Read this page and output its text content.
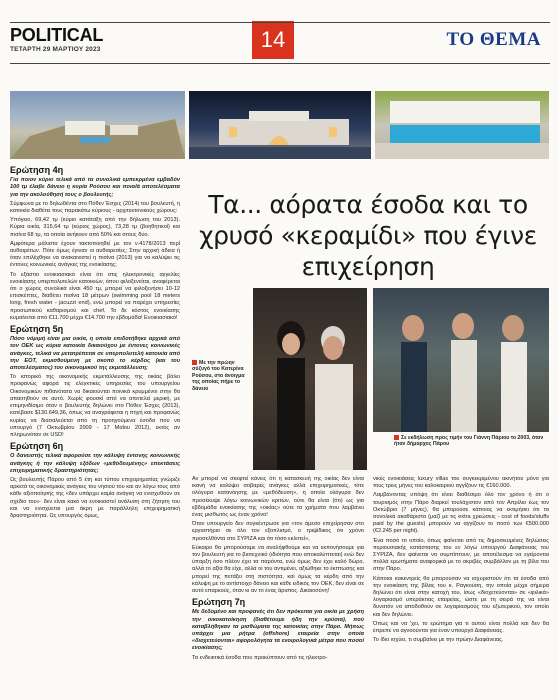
POLITICAL
ΤΕΤΑΡΤΗ 29 ΜΑΡΤΙΟΥ 2023	14	ΤΟ ΘΕΜΑ
Τα... αόρατα έσοδα και το χρυσό «κεραμίδι» που έγινε επιχείρηση
Ερώτηση 4η

Για ποιον κύριο τελικά από τα συνολικά εμπεκρμένα εμβαδόν 100 τμ έλαβε δάνειο η κυρία Ρούσου και ποια/ά αποτελέσματα για την ακολούθησή τους ο βουλευτής;

Σύμφωνα με το δηλωθέντα στο Πόθεν Έσχες (2014) του βουλευτή, η κατοικία διαθέτει τους παρακάτω κύριους - αρχιτεκτονικούς χώρους:

Υπόγειο, 69,42 τμ (κύριο κατάταξη από την δήλωση του 2013). Κύρια οικία, 315,64 τμ (κύριος χώρος), 73,28 τμ (βοηθητικοί) και πισίνα 68 τμ, τα οποία ανήκουν από 50% και στους δύο.

Αμφότερα μάλιστα έχουν τακτοποιηθεί με τον ν.4178/2013 περί αυθαιρέτων. Πότε όμως έγιναν οι αυθαιρεσίες; Στην αρχική άδεια ή όταν επιλέχθηκε να ανακαινιστεί η πισίνα (2013) για να καλύψει τις έντονες κοινωνικές ανάγκες της ενοικίασης;

Το εξάστιο ενοικιασιακό είναι ότι στις ηλεκτρονικές αγγελίες ενοικίασης υπερπολυτελών κατοικιών, όπου φιλοξενείται, αναφέρεται ότι ο χώρος συνολικά είναι 450 τμ, μπορεί να φιλοξενήσει 10-12 επισκέπτες, διαθέτει πισίνα 18 μέτρων (swimming pool 18 meters long, fresh water - jacuzzi end), ενώ μπορεί να παρέχει υπηρεσίες προσωπικού καθαρισμού και chef. Το δε κόστος ενοικίασης κυμαίνεται από €11.700 μέχρι €14.700 την εβδομάδα! Ενοικιασιακό!

Ερώτηση 5η

Πόσο νόμιμή είναι μια οικία, η οποία επιδοτήθηκε αρχικά από τον ΟΕΚ ως κύρια κατοικία δικαιούχου με έντονες κοινωνικές ανάγκες, τελικά να μετατρέπεται σε υπερπολυτελή κατοικία από την ΕΟΤ, εκμισθούμενη με σκοπό το κέρδος (και του αποτελέσματος) του οικονομικού της εκμετάλλευση;

Το ιστορικό της οικονομικής εκμετάλλευσης της οικίας βάλει προφανώς αφορά τις ελεγκτικές υπηρεσίες του υπουργείου Οικονομικών πιθανότατα να δικαιούνται ποινικά κρυμμένοι στην θα απαιτηθούν σε αυτό. Χωρίς φουσκί από να αποτελεί μερική, με επιμηνιδίσιμο όταν ο βουλευτής δηλώνει στο Πόθεν Έσχες (2013), κατέβασε $130.649,36, όπως να αναγράφεται η πηγή και προφανώς κυρίας να διασαλεύεται από τη προηγούμενα έσοδα που να υπουργό (7 Οκτωβρίου 2009 - 17 Μαΐου 2012), εκτός αν πληρωνόταν σε USD!

Ερώτηση 6η

Ο δανειστής τελικά αφορούσε την κάλυψη έντονης κοινωνικής ανάγκης ή την κάλυψη εξόδων «μεθόδευμένης» επεκτάσεις επιχειρηματικής δραστηριότητας;

Ως βουλευτής Πάρου από 5 έτη και τύπου επιχειρηματίας γνώριζε αρκετά τις οικονομικές ανάγκες του νησιού του και αν λόγω τους από κάθε αξιοποίησής της «δεν υπάρχει καμία ανάγκη να ενισχυθούν σε σχέδιο του»· δεν είναι κακό να ενοικιαστεί ανάλυση στη ζήτηση του και να ενισχύεται μια άκρη με παράλληλη επιχειρηματική δραστηριότητα. Ως υπουργός όμως,

Με την πρώην σύζυγό του Κατερίνα Ρούσου, στο άνοιγμα της οποίας πήρε το δάνειο
Σε εκδήλωση προς τιμήν του Γιάννη Πάριου το 2003, όταν ήταν δήμαρχος Πάρου

Αν μπορεί να σκεφτεί κάνεις ότι η κατασκευή της οικίας δεν είναι ικανή να καλύψει σοβαρές ανάγκες αλλά επιχειρηματικές, τότε ολόγυρα κατανόησης με «μεθόδευση», η οποία ολόγυρα δεν προσέκυψε λόγω κοινωνικών κριτών, ούτε θα είναι (ότι) ως για εβδομάδα ενοικίασης της «οικίας» ούτε τα χρήματα που λαμβάνει ένας μισθωτός ως έναν χρόνο!

Όταν υπουργείο δεν συγκέντρωσε για «τον άμεσο επιχείρησαν στο εργαστήριο σε όλο τον εξοπλισμό, ο τριψίδικος ότι χρόνο προσελθόντα στο ΣΥΡΙΖΑ και ότι τόσο εκλιπεί»,

Εύκαιρο θα μπορούσαμε να αναλήφθούμε και να εκπονήσουμε για τον βουλευτή για το βιοτεχνικό (ιδιότητα που αποκαλύπτεται) ενώ δεν ύπαρξη όσο πλέον έχει τα παρόντα, ενώ όμως δεν έχει καλό δώρο, αλλά το αξία θα είχε, αλλά οι του αντιμένει, αξιώθηκε το έκπτωσης και μπορεί της πετάξει στη πιστότητα, και όμως τα κέρδη από την κάλυψη με το αντίστοιχο δάνειο και κάθε ειδικός τον ΟΕΚ, δεν είναι σε αυτό επαρκούς, όταν κι αν το ένας άριστος. Δικαιοσύνη!

Ερώτηση 7η

Με δεδομένο και προφανές ότι δεν πρόκειται για οικία με χρήση την οικοκατοίκηση (διαθέτουμε ήδη την κρύσια), πού καταβλήθηκαν τα μισθώματα της κατοικίας στην Πάρο. Μήπως υπάρχει μια ρήτρα (offshore) εταιρεία στην οποία «διοχετεύονται» αφορολόγητα τα ενοιρολογικά μέτρα που ποσοί ενοικίασης;

Τα ενδεικτικά έσοδα που προκύπτουν από τις ηλεκτρο-

νικές ενοικιάσεις luxury villas του συγκεκριμένου ακινήτου μόνο για τους τρεις μήνες του καλοκαιριού αγγίζουν τις €160.000.

Λαμβάνοντας υπόψη ότι είναι διαθέσιμο όλο τον χρόνο ή ότι ο τουρισμός στην Πάρο διαρκεί τουλάχιστον από τον Απρίλιο έως τον Οκτώβριο (7 μήνες), θα μπορούσε κάποιος να εκτιμήσει ότι τα συνολικά ακαθάριστα (μαζί με τις extra χρεώσεις - cost of foods/stuffs paid by the guests) μπορούν να αγγίζουν το ποσό των €500.000 (€2.245 per night).

Ένα ποσό το οποίο, όπως φαίνεται από τις δημοσιευμένες δηλώσεις περιουσιακής κατάστασης του εν λόγω υπουργού Διαφάνειας του ΣΥΡΙΖΑ, δεν φαίνεται να συμπίπτουν, με αποτέλεσμα να εγείρονται πολλά ερωτήματα αναφορικά με το ακριβές συμβάλλον με τη βίλα του στην Πάρο.

Κάποιοι κακεντρείς θα μπορούσαν να ισχυριστούν ότι τα έσοδα από την ενοικίαση της βίλας του κ. Ραγκούση, την οποία μέχρι σήμερα δηλώνει ότι είναι στην κατοχή του, ίσως «διοχετεύονται» σε «φιλικά» λογαριασμό υπεράκτιας εταιρείας, ώστε με τη σειρά της να είναι δυνατόν να αποδοθούν σε λογαριασμούς του εξωτερικού, τον οποίο και δεν δηλώνει.

Όπως και να 'χει, το ερώτημα για τι αυτού είναι πολλά και δεν θα έπρεπε να αγνοούνται για έναν υπουργό Διαφάνειας.

Το ίδιο ισχύει, τι συμβαίνει με την πρώην Διαφάνειας.
